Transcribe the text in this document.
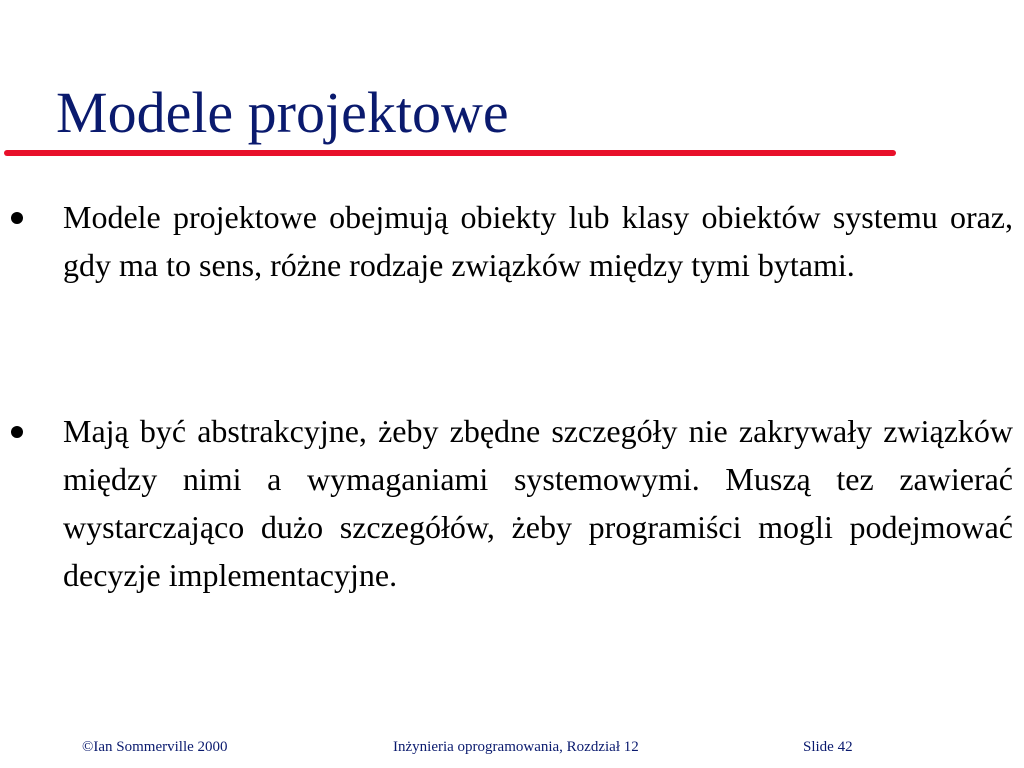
Modele projektowe
Modele projektowe obejmują obiekty lub klasy obiektów systemu oraz, gdy ma to sens, różne rodzaje związków między tymi bytami.
Mają być abstrakcyjne, żeby zbędne szczegóły nie zakrywały związków między nimi a wymaganiami systemowymi. Muszą tez zawierać wystarczająco dużo szczegółów, żeby programiści mogli podejmować decyzje implementacyjne.
©Ian Sommerville 2000	Inżynieria oprogramowania, Rozdział 12	Slide 42
